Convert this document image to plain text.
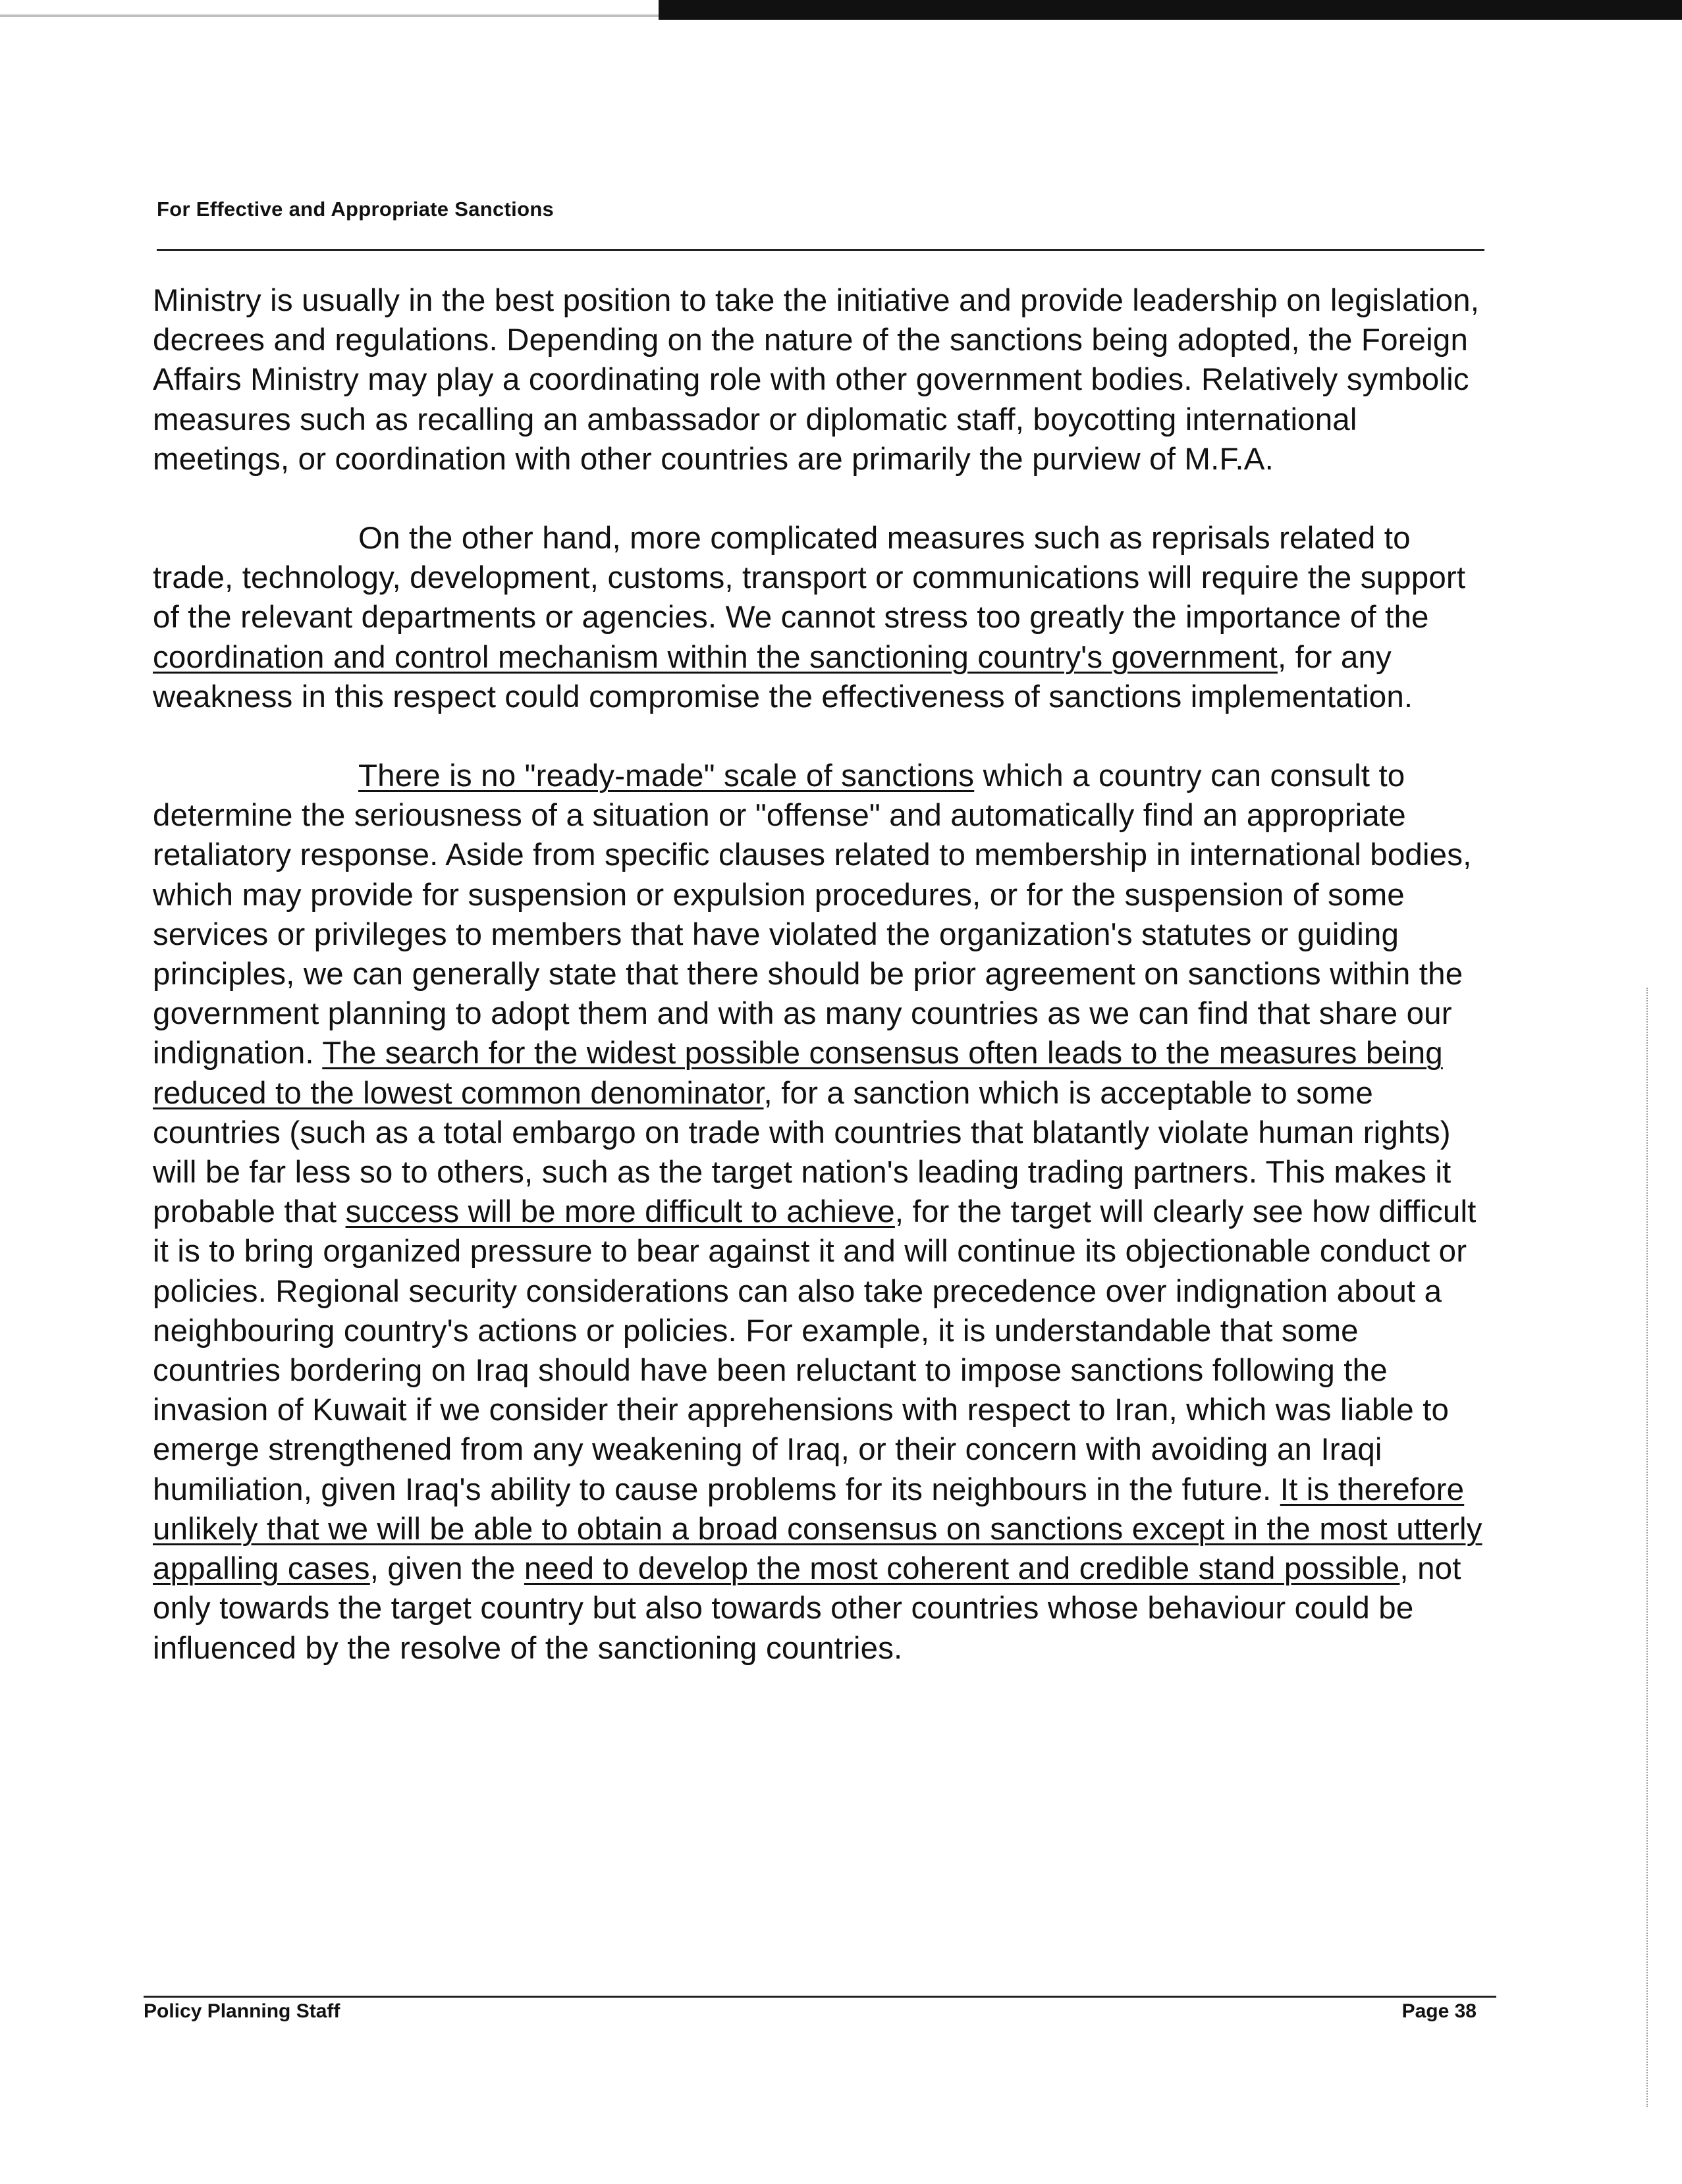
For Effective and Appropriate Sanctions

Ministry is usually in the best position to take the initiative and provide leadership on legislation, decrees and regulations. Depending on the nature of the sanctions being adopted, the Foreign Affairs Ministry may play a coordinating role with other government bodies. Relatively symbolic measures such as recalling an ambassador or diplomatic staff, boycotting international meetings, or coordination with other countries are primarily the purview of M.F.A.

On the other hand, more complicated measures such as reprisals related to trade, technology, development, customs, transport or communications will require the support of the relevant departments or agencies. We cannot stress too greatly the importance of the coordination and control mechanism within the sanctioning country's government, for any weakness in this respect could compromise the effectiveness of sanctions implementation.

There is no "ready-made" scale of sanctions which a country can consult to determine the seriousness of a situation or "offense" and automatically find an appropriate retaliatory response. Aside from specific clauses related to membership in international bodies, which may provide for suspension or expulsion procedures, or for the suspension of some services or privileges to members that have violated the organization's statutes or guiding principles, we can generally state that there should be prior agreement on sanctions within the government planning to adopt them and with as many countries as we can find that share our indignation. The search for the widest possible consensus often leads to the measures being reduced to the lowest common denominator, for a sanction which is acceptable to some countries (such as a total embargo on trade with countries that blatantly violate human rights) will be far less so to others, such as the target nation's leading trading partners. This makes it probable that success will be more difficult to achieve, for the target will clearly see how difficult it is to bring organized pressure to bear against it and will continue its objectionable conduct or policies. Regional security considerations can also take precedence over indignation about a neighbouring country's actions or policies. For example, it is understandable that some countries bordering on Iraq should have been reluctant to impose sanctions following the invasion of Kuwait if we consider their apprehensions with respect to Iran, which was liable to emerge strengthened from any weakening of Iraq, or their concern with avoiding an Iraqi humiliation, given Iraq's ability to cause problems for its neighbours in the future. It is therefore unlikely that we will be able to obtain a broad consensus on sanctions except in the most utterly appalling cases, given the need to develop the most coherent and credible stand possible, not only towards the target country but also towards other countries whose behaviour could be influenced by the resolve of the sanctioning countries.

Policy Planning Staff	Page 38
